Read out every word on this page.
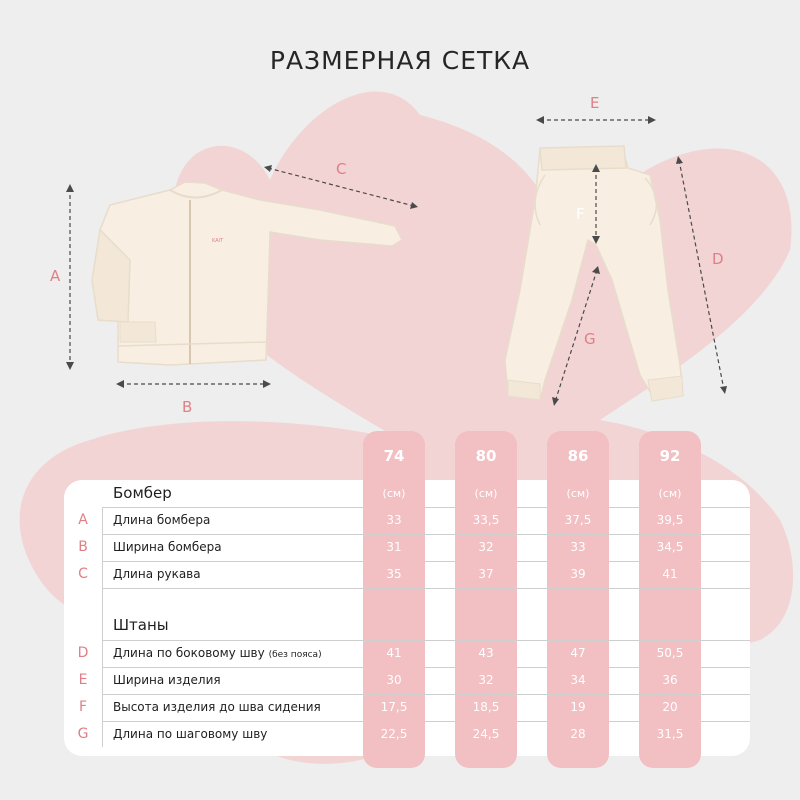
РАЗМЕРНАЯ СЕТКА
KAIT
A
B
C
E
D
F
G
74	80	86	92
Бомбер	(см)	(см)	(см)	(см)
A	Длина бомбера	33	33,5	37,5	39,5
B	Ширина бомбера	31	32	33	34,5
C	Длина рукава	35	37	39	41
Штаны
D	Длина по боковому шву (без пояса)	41	43	47	50,5
E	Ширина изделия	30	32	34	36
F	Высота изделия до шва сидения	17,5	18,5	19	20
G	Длина по шаговому шву	22,5	24,5	28	31,5
